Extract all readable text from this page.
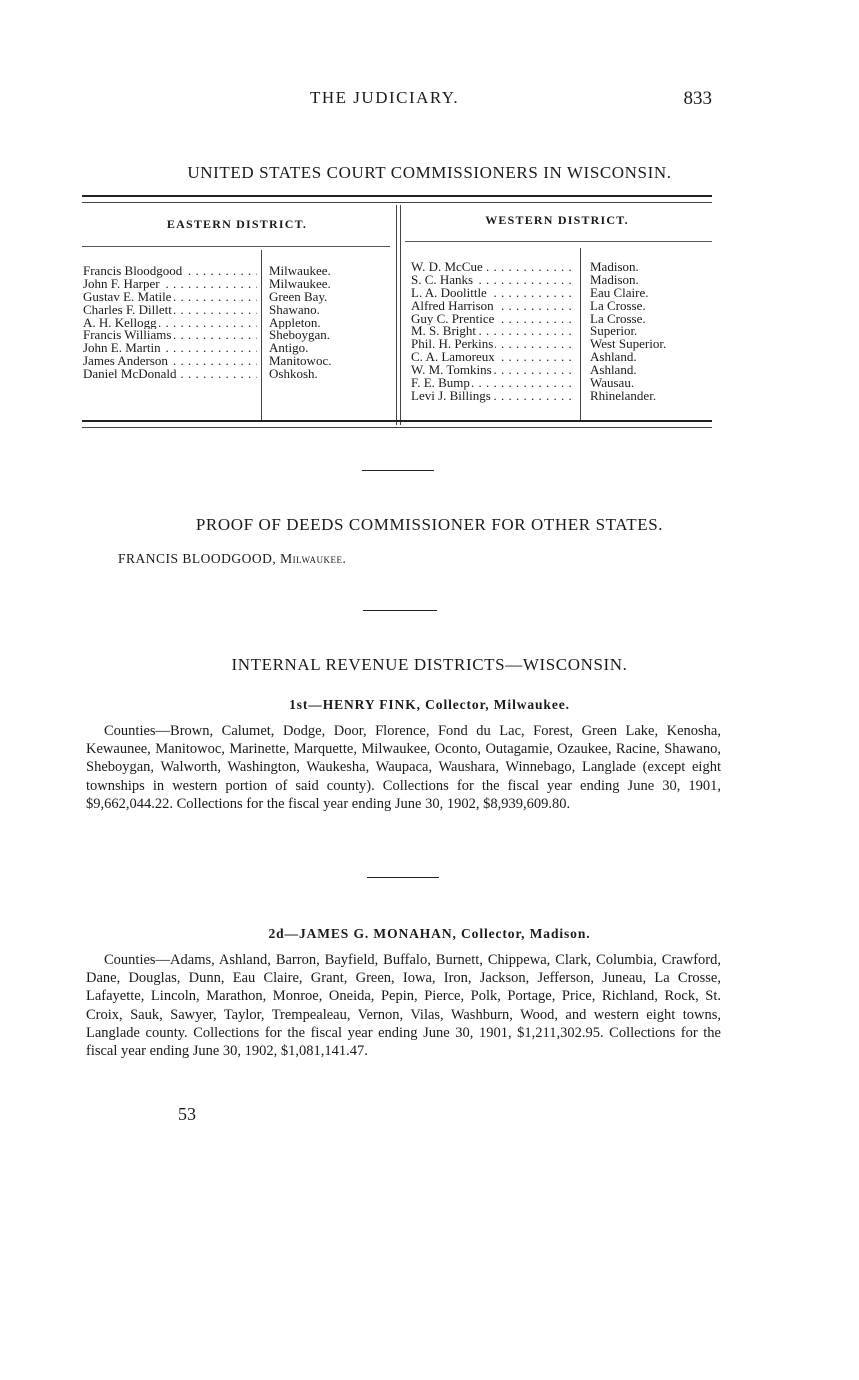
THE JUDICIARY.	833
UNITED STATES COURT COMMISSIONERS IN WISCONSIN.
EASTERN DISTRICT.	WESTERN DISTRICT.
Francis Bloodgood . . .
John F. Harper . . .
Gustav E. Matile . . .
Charles F. Dillett . . .
A. H. Kellogg . . .
Francis Williams . . .
John E. Martin . . .
James Anderson . . .
Daniel McDonald . . .
Milwaukee.
Milwaukee.
Green Bay.
Shawano.
Appleton.
Sheboygan.
Antigo.
Manitowoc.
Oshkosh.
W. D. McCue . . .
S. C. Hanks . . .
L. A. Doolittle . . .
Alfred Harrison . . .
Guy C. Prentice . . .
M. S. Bright . . .
Phil. H. Perkins . . .
C. A. Lamoreux . . .
W. M. Tomkins . . .
F. E. Bump . . .
Levi J. Billings . . .
Madison.
Madison.
Eau Claire.
La Crosse.
La Crosse.
Superior.
West Superior.
Ashland.
Ashland.
Wausau.
Rhinelander.
PROOF OF DEEDS COMMISSIONER FOR OTHER STATES.
FRANCIS BLOODGOOD, Milwaukee.
INTERNAL REVENUE DISTRICTS—WISCONSIN.
1st—HENRY FINK, Collector, Milwaukee.

Counties—Brown, Calumet, Dodge, Door, Florence, Fond du Lac, Forest, Green Lake, Kenosha, Kewaunee, Manitowoc, Marinette, Marquette, Milwaukee, Oconto, Outagamie, Ozaukee, Racine, Shawano, Sheboygan, Walworth, Washington, Waukesha, Waupaca, Waushara, Winnebago, Langlade (except eight townships in western portion of said county). Collections for the fiscal year ending June 30, 1901, $9,662,044.22. Collections for the fiscal year ending June 30, 1902, $8,939,609.80.

2d—JAMES G. MONAHAN, Collector, Madison.

Counties—Adams, Ashland, Barron, Bayfield, Buffalo, Burnett, Chippewa, Clark, Columbia, Crawford, Dane, Douglas, Dunn, Eau Claire, Grant, Green, Iowa, Iron, Jackson, Jefferson, Juneau, La Crosse, Lafayette, Lincoln, Marathon, Monroe, Oneida, Pepin, Pierce, Polk, Portage, Price, Richland, Rock, St. Croix, Sauk, Sawyer, Taylor, Trempealeau, Vernon, Vilas, Washburn, Wood, and western eight towns, Langlade county. Collections for the fiscal year ending June 30, 1901, $1,211,302.95. Collections for the fiscal year ending June 30, 1902, $1,081,141.47.

53
